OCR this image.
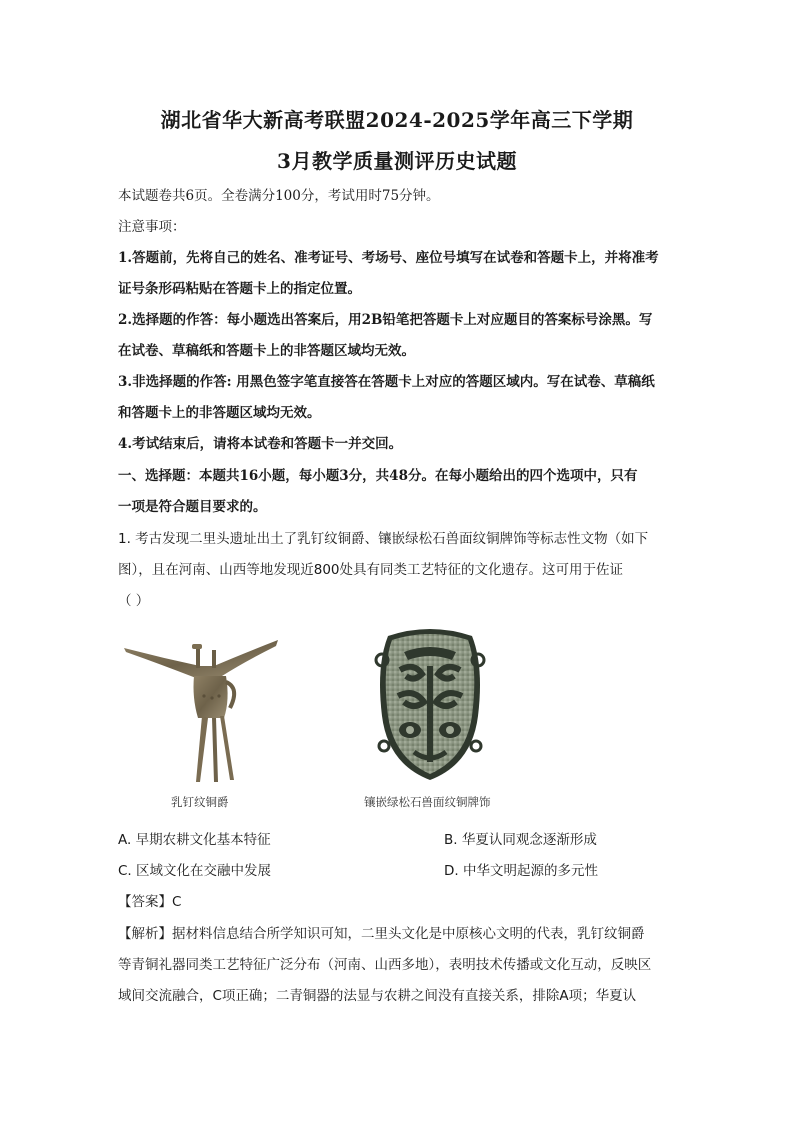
湖北省华大新高考联盟2024-2025学年高三下学期
3月教学质量测评历史试题
本试题卷共6页。全卷满分100分，考试用时75分钟。
注意事项：
1.答题前，先将自己的姓名、准考证号、考场号、座位号填写在试卷和答题卡上，并将准考
证号条形码粘贴在答题卡上的指定位置。
2.选择题的作答：每小题选出答案后，用2B铅笔把答题卡上对应题目的答案标号涂黑。写
在试卷、草稿纸和答题卡上的非答题区域均无效。
3.非选择题的作答: 用黑色签字笔直接答在答题卡上对应的答题区域内。写在试卷、草稿纸
和答题卡上的非答题区域均无效。
4.考试结束后，请将本试卷和答题卡一并交回。
一、选择题：本题共16小题，每小题3分，共48分。在每小题给出的四个选项中，只有
一项是符合题目要求的。
1. 考古发现二里头遗址出土了乳钉纹铜爵、镶嵌绿松石兽面纹铜牌饰等标志性文物（如下
图），且在河南、山西等地发现近800处具有同类工艺特征的文化遗存。这可用于佐证
（ ）
乳钉纹铜爵	镶嵌绿松石兽面纹铜牌饰
A. 早期农耕文化基本特征	B. 华夏认同观念逐渐形成
C. 区域文化在交融中发展	D. 中华文明起源的多元性
【答案】C
【解析】据材料信息结合所学知识可知，二里头文化是中原核心文明的代表，乳钉纹铜爵
等青铜礼器同类工艺特征广泛分布（河南、山西多地），表明技术传播或文化互动，反映区
域间交流融合，C项正确；二青铜器的法显与农耕之间没有直接关系，排除A项；华夏认
